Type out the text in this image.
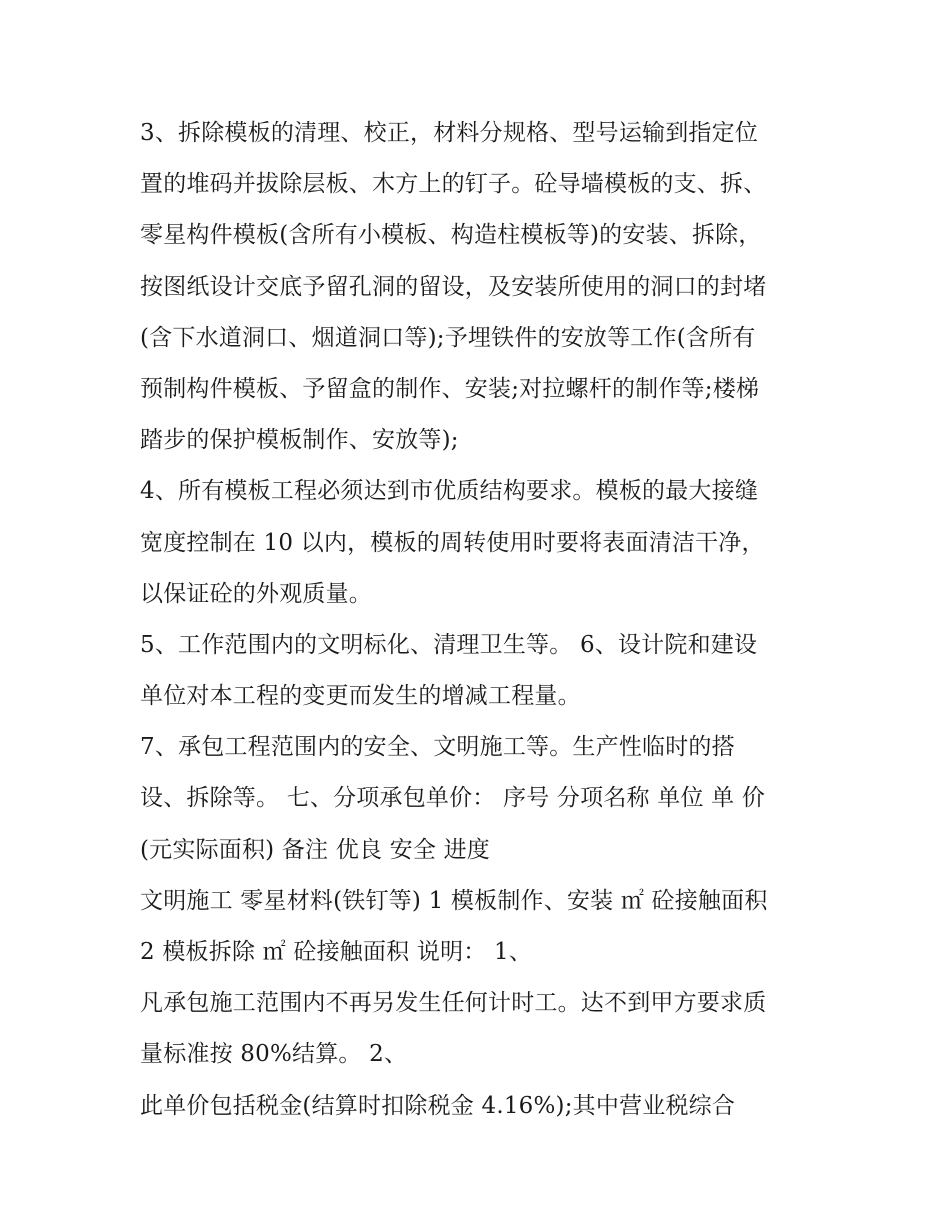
3、拆除模板的清理、校正，材料分规格、型号运输到指定位
置的堆码并拔除层板、木方上的钉子。砼导墙模板的支、拆、
零星构件模板(含所有小模板、构造柱模板等)的安装、拆除，
按图纸设计交底予留孔洞的留设，及安装所使用的洞口的封堵
(含下水道洞口、烟道洞口等);予埋铁件的安放等工作(含所有
预制构件模板、予留盒的制作、安装;对拉螺杆的制作等;楼梯
踏步的保护模板制作、安放等);
4、所有模板工程必须达到市优质结构要求。模板的最大接缝
宽度控制在 10 以内，模板的周转使用时要将表面清洁干净，
以保证砼的外观质量。
5、工作范围内的文明标化、清理卫生等。 6、设计院和建设
单位对本工程的变更而发生的增减工程量。
7、承包工程范围内的安全、文明施工等。生产性临时的搭
设、拆除等。 七、分项承包单价： 序号 分项名称 单位 单 价
(元实际面积) 备注 优良 安全 进度
文明施工 零星材料(铁钉等) 1 模板制作、安装 ㎡ 砼接触面积
2 模板拆除 ㎡ 砼接触面积 说明： 1、
凡承包施工范围内不再另发生任何计时工。达不到甲方要求质
量标准按 80%结算。 2、
此单价包括税金(结算时扣除税金 4.16%);其中营业税综合
